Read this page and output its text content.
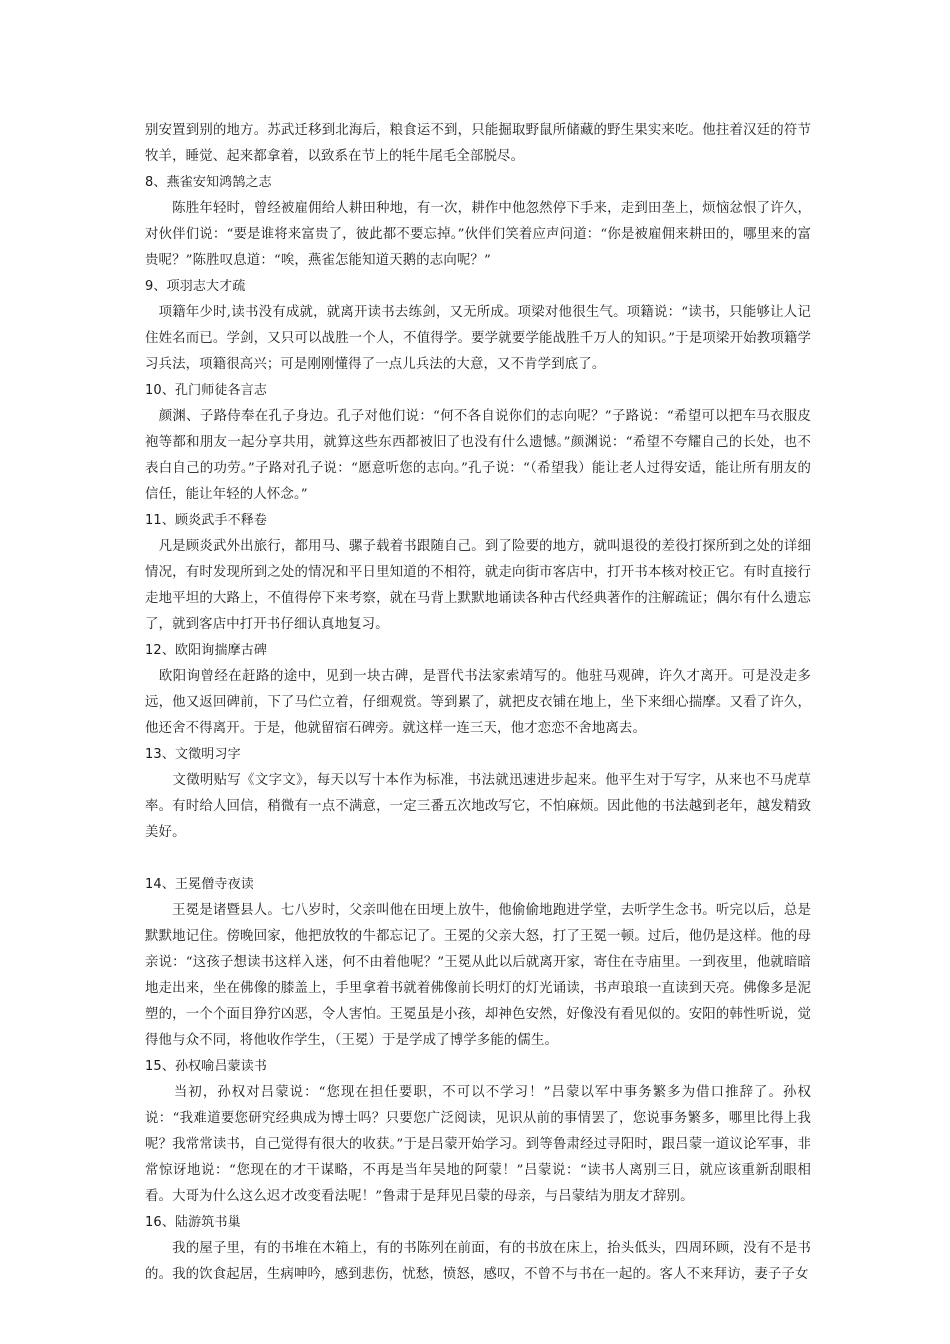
别安置到别的地方。苏武迁移到北海后，粮食运不到，只能掘取野鼠所储藏的野生果实来吃。他拄着汉廷的符节牧羊，睡觉、起来都拿着，以致系在节上的牦牛尾毛全部脱尽。

8、燕雀安知鸿鹄之志

　　陈胜年轻时，曾经被雇佣给人耕田种地，有一次，耕作中他忽然停下手来，走到田垄上，烦恼忿恨了许久，对伙伴们说：“要是谁将来富贵了，彼此都不要忘掉。”伙伴们笑着应声问道：“你是被雇佣来耕田的，哪里来的富贵呢？”陈胜叹息道：“唉，燕雀怎能知道天鹅的志向呢？”

9、项羽志大才疏

　项籍年少时,读书没有成就，就离开读书去练剑，又无所成。项梁对他很生气。项籍说：“读书，只能够让人记住姓名而已。学剑，又只可以战胜一个人，不值得学。要学就要学能战胜千万人的知识。”于是项梁开始教项籍学习兵法，项籍很高兴；可是刚刚懂得了一点儿兵法的大意，又不肯学到底了。

10、孔门师徒各言志

　颜渊、子路侍奉在孔子身边。孔子对他们说：“何不各自说你们的志向呢？”子路说：“希望可以把车马衣服皮袍等都和朋友一起分享共用，就算这些东西都被旧了也没有什么遗憾。”颜渊说：“希望不夸耀自己的长处，也不表白自己的功劳。”子路对孔子说：“愿意听您的志向。”孔子说：“（希望我）能让老人过得安适，能让所有朋友的信任，能让年轻的人怀念。”

11、顾炎武手不释卷

　凡是顾炎武外出旅行，都用马、骡子载着书跟随自己。到了险要的地方，就叫退役的差役打探所到之处的详细情况，有时发现所到之处的情况和平日里知道的不相符，就走向街市客店中，打开书本核对校正它。有时直接行走地平坦的大路上，不值得停下来考察，就在马背上默默地诵读各种古代经典著作的注解疏证；偶尔有什么遗忘了，就到客店中打开书仔细认真地复习。

12、欧阳询揣摩古碑

　欧阳询曾经在赶路的途中，见到一块古碑，是晋代书法家索靖写的。他驻马观碑，许久才离开。可是没走多远，他又返回碑前，下了马伫立着，仔细观赏。等到累了，就把皮衣铺在地上，坐下来细心揣摩。又看了许久，他还舍不得离开。于是，他就留宿石碑旁。就这样一连三天，他才恋恋不舍地离去。

13、文徵明习字

　　文徵明贴写《文字文》，每天以写十本作为标准，书法就迅速进步起来。他平生对于写字，从来也不马虎草率。有时给人回信，稍微有一点不满意，一定三番五次地改写它，不怕麻烦。因此他的书法越到老年，越发精致美好。

14、王冕僧寺夜读

　　王冕是诸暨县人。七八岁时，父亲叫他在田埂上放牛，他偷偷地跑进学堂，去听学生念书。听完以后，总是默默地记住。傍晚回家，他把放牧的牛都忘记了。王冕的父亲大怒，打了王冕一顿。过后，他仍是这样。他的母亲说：“这孩子想读书这样入迷，何不由着他呢？”王冕从此以后就离开家，寄住在寺庙里。一到夜里，他就暗暗地走出来，坐在佛像的膝盖上，手里拿着书就着佛像前长明灯的灯光诵读，书声琅琅一直读到天亮。佛像多是泥塑的，一个个面目狰狞凶恶，令人害怕。王冕虽是小孩，却神色安然，好像没有看见似的。安阳的韩性听说，觉得他与众不同，将他收作学生，（王冕）于是学成了博学多能的儒生。

15、孙权喻吕蒙读书

　　当初，孙权对吕蒙说：“您现在担任要职，不可以不学习！”吕蒙以军中事务繁多为借口推辞了。孙权说：“我难道要您研究经典成为博士吗？只要您广泛阅读，见识从前的事情罢了，您说事务繁多，哪里比得上我呢？我常常读书，自己觉得有很大的收获。”于是吕蒙开始学习。到等鲁肃经过寻阳时，跟吕蒙一道议论军事，非常惊讶地说：“您现在的才干谋略，不再是当年吴地的阿蒙！”吕蒙说：“读书人离别三日，就应该重新刮眼相看。大哥为什么这么迟才改变看法呢！”鲁肃于是拜见吕蒙的母亲，与吕蒙结为朋友才辞别。

16、陆游筑书巢

　　我的屋子里，有的书堆在木箱上，有的书陈列在前面，有的书放在床上，抬头低头，四周环顾，没有不是书的。我的饮食起居，生病呻吟，感到悲伤，忧愁，愤怒，感叹，不曾不与书在一起的。客人不来拜访，妻子子女
